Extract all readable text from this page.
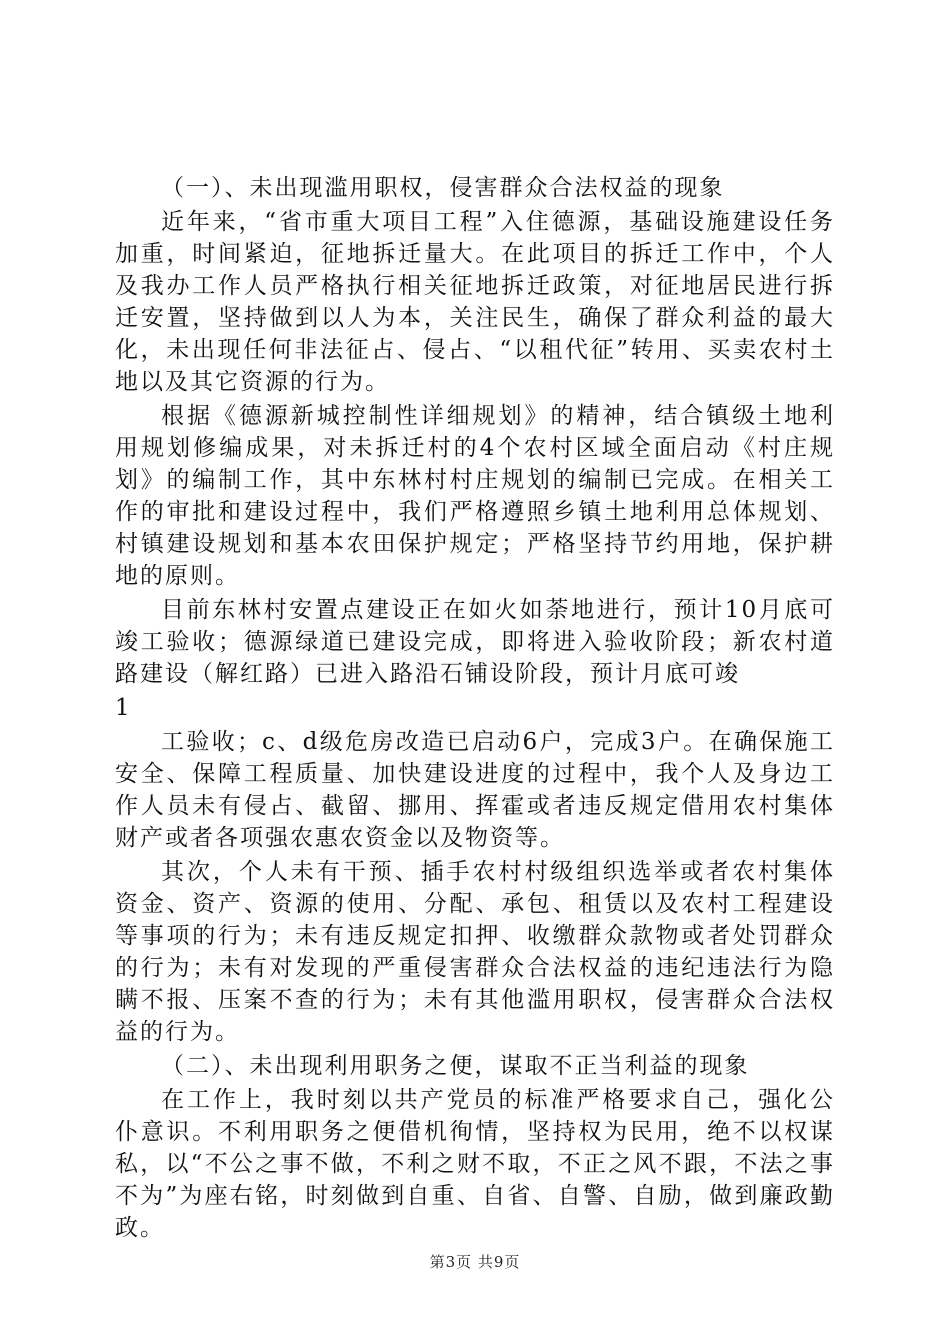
（一）、未出现滥用职权，侵害群众合法权益的现象

近年来，“省市重大项目工程”入住德源，基础设施建设任务加重，时间紧迫，征地拆迁量大。在此项目的拆迁工作中，个人及我办工作人员严格执行相关征地拆迁政策，对征地居民进行拆迁安置，坚持做到以人为本，关注民生，确保了群众利益的最大化，未出现任何非法征占、侵占、“以租代征”转用、买卖农村土地以及其它资源的行为。

根据《德源新城控制性详细规划》的精神，结合镇级土地利用规划修编成果，对未拆迁村的4个农村区域全面启动《村庄规划》的编制工作，其中东林村村庄规划的编制已完成。在相关工作的审批和建设过程中，我们严格遵照乡镇土地利用总体规划、村镇建设规划和基本农田保护规定；严格坚持节约用地，保护耕地的原则。

目前东林村安置点建设正在如火如荼地进行，预计10月底可竣工验收；德源绿道已建设完成，即将进入验收阶段；新农村道路建设（解红路）已进入路沿石铺设阶段，预计月底可竣

1

工验收；c、d级危房改造已启动6户，完成3户。在确保施工安全、保障工程质量、加快建设进度的过程中，我个人及身边工作人员未有侵占、截留、挪用、挥霍或者违反规定借用农村集体财产或者各项强农惠农资金以及物资等。

其次，个人未有干预、插手农村村级组织选举或者农村集体资金、资产、资源的使用、分配、承包、租赁以及农村工程建设等事项的行为；未有违反规定扣押、收缴群众款物或者处罚群众的行为；未有对发现的严重侵害群众合法权益的违纪违法行为隐瞒不报、压案不查的行为；未有其他滥用职权，侵害群众合法权益的行为。

（二）、未出现利用职务之便，谋取不正当利益的现象

在工作上，我时刻以共产党员的标准严格要求自己，强化公仆意识。不利用职务之便借机徇情，坚持权为民用，绝不以权谋私，以“不公之事不做，不利之财不取，不正之风不跟，不法之事不为”为座右铭，时刻做到自重、自省、自警、自励，做到廉政勤政。

第3页 共9页
